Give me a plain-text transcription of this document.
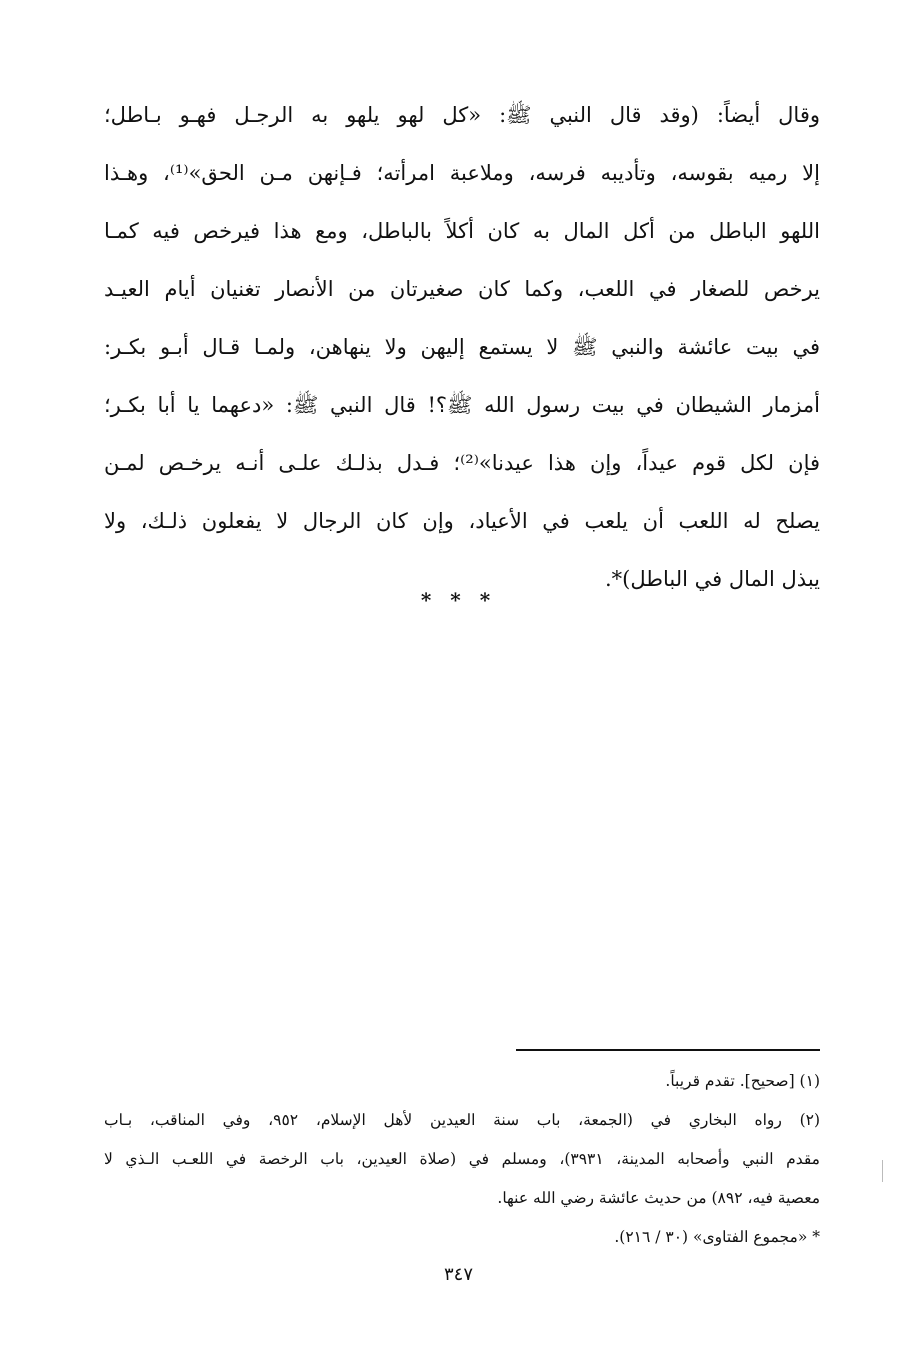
وقال أيضاً: (وقد قال النبي ﷺ: «كل لهو يلهو به الرجـل فهـو بـاطل؛
إلا رميه بقوسه، وتأديبه فرسه، وملاعبة امرأته؛ فـإنهن مـن الحق»⁽¹⁾، وهـذا
اللهو الباطل من أكل المال به كان أكلاً بالباطل، ومع هذا فيرخص فيه كمـا
يرخص للصغار في اللعب، وكما كان صغيرتان من الأنصار تغنيان أيام العيـد
في بيت عائشة والنبي ﷺ لا يستمع إليهن ولا ينهاهن، ولمـا قـال أبـو بكـر:
أمزمار الشيطان في بيت رسول الله ﷺ؟! قال النبي ﷺ: «دعهما يا أبا بكـر؛
فإن لكل قوم عيداً، وإن هذا عيدنا»⁽²⁾؛ فـدل بذلـك علـى أنـه يرخـص لمـن
يصلح له اللعب أن يلعب في الأعياد، وإن كان الرجال لا يفعلون ذلـك، ولا
يبذل المال في الباطل)*.
* * *
(١) [صحيح]. تقدم قريباً.
(٢) رواه البخاري في (الجمعة، باب سنة العيدين لأهل الإسلام، ٩٥٢، وفي المناقب، بـاب
مقدم النبي وأصحابه المدينة، ٣٩٣١)، ومسلم في (صلاة العيدين، باب الرخصة في اللعـب الـذي لا
معصية فيه، ٨٩٢) من حديث عائشة رضي الله عنها.
* «مجموع الفتاوى» (٣٠ / ٢١٦).
٣٤٧
